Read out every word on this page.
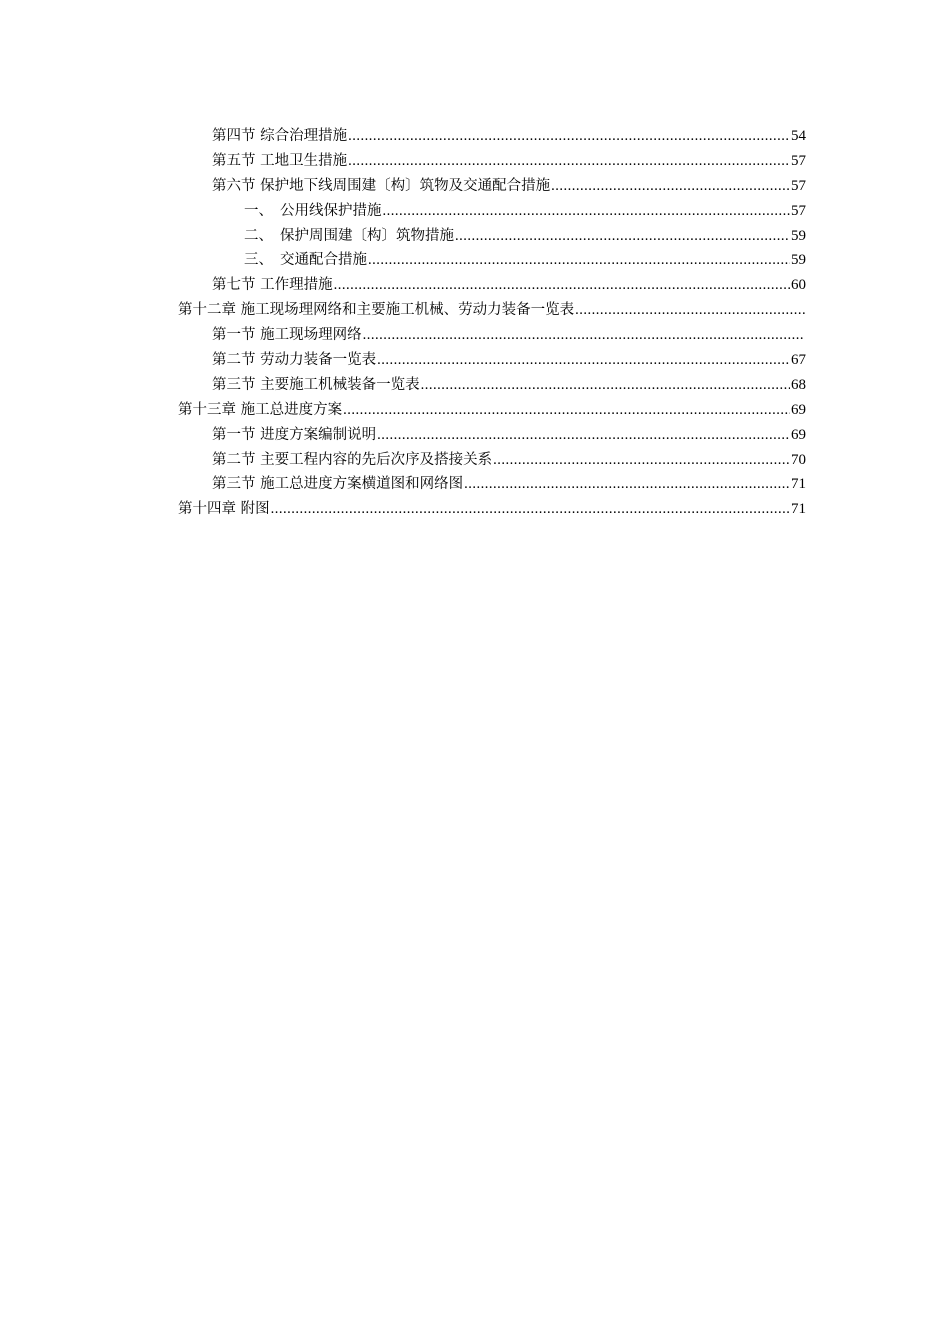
第四节 综合治理措施 .....	54
第五节 工地卫生措施 .....	57
第六节 保护地下线周围建〔构〕筑物及交通配合措施 .....	57
一、 公用线保护措施 .....	57
二、 保护周围建〔构〕筑物措施 .....	59
三、 交通配合措施 .....	59
第七节 工作理措施 .....	60
第十二章 施工现场理网络和主要施工机械、劳动力装备一览表
.....
第一节 施工现场理网络
.....
第二节 劳动力装备一览表 .....	67
第三节 主要施工机械装备一览表 .....	68
第十三章 施工总进度方案 .....	69
第一节 进度方案编制说明 .....	69
第二节 主要工程内容的先后次序及搭接关系 .....	70
第三节 施工总进度方案横道图和网络图 .....	71
第十四章 附图 .....	71
